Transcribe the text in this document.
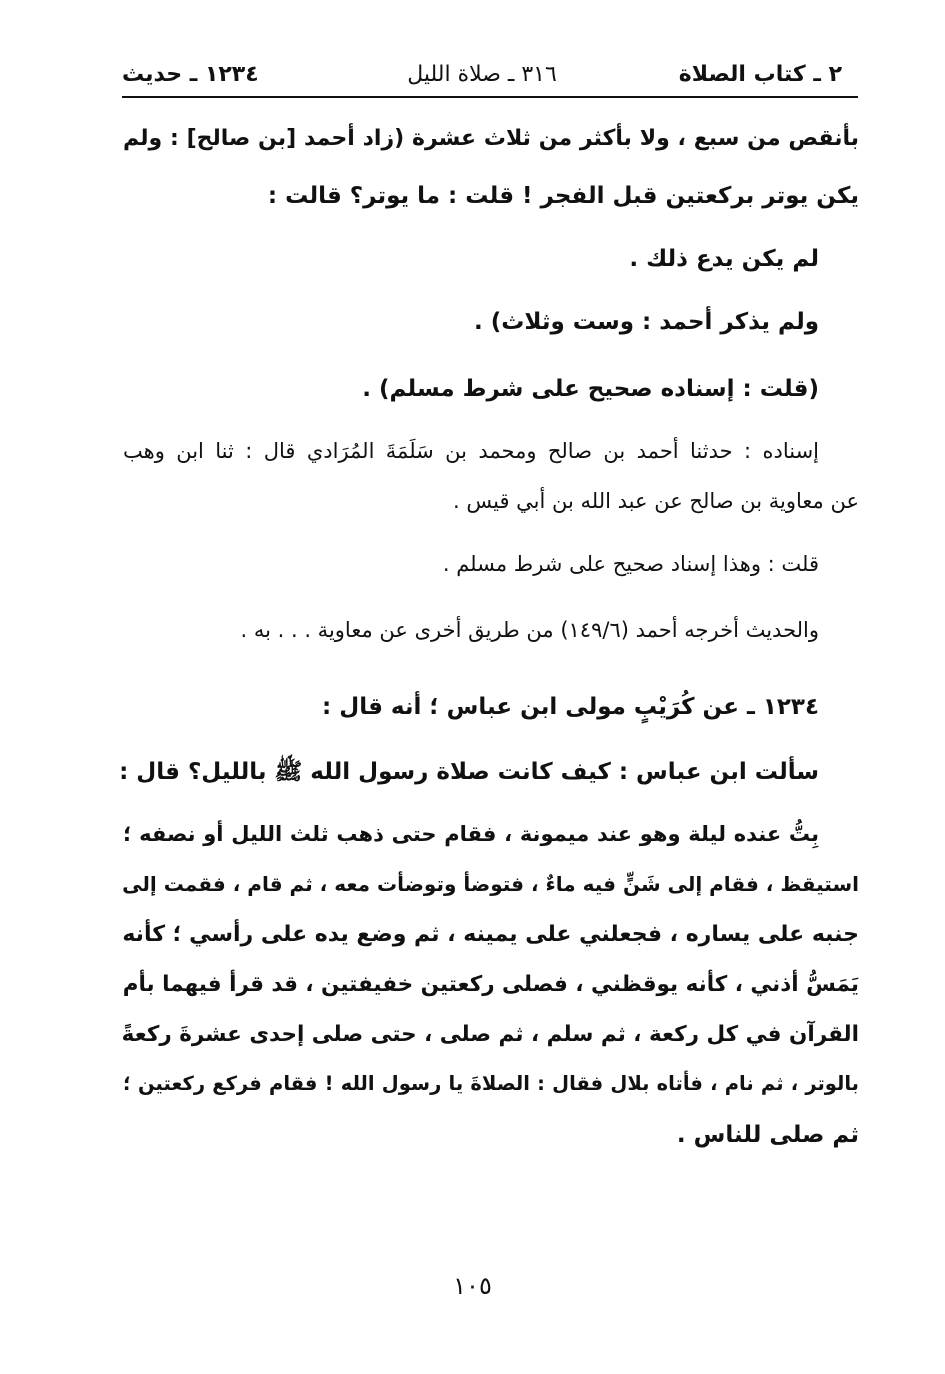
٢ ـ كتاب الصلاة
٣١٦ ـ صلاة الليل
١٢٣٤ ـ حديث
بأنقص من سبع ، ولا بأكثر من ثلاث عشرة (زاد أحمد [بن صالح] : ولم
يكن يوتر بركعتين قبل الفجر ! قلت : ما يوتر؟ قالت :
لم يكن يدع ذلك .
ولم يذكر أحمد : وست وثلاث) .
(قلت : إسناده صحيح على شرط مسلم) .
إسناده : حدثنا أحمد بن صالح ومحمد بن سَلَمَةَ المُرَادي قال : ثنا ابن وهب
عن معاوية بن صالح عن عبد الله بن أبي قيس .
قلت : وهذا إسناد صحيح على شرط مسلم .
والحديث أخرجه أحمد (١٤٩/٦) من طريق أخرى عن معاوية . . . به .
١٢٣٤ ـ عن كُرَيْبٍ مولى ابن عباس ؛ أنه قال :
سألت ابن عباس : كيف كانت صلاة رسول الله ﷺ بالليل؟ قال :
بِتُّ عنده ليلة وهو عند ميمونة ، فقام حتى ذهب ثلث الليل أو نصفه ؛
استيقظ ، فقام إلى شَنٍّ فيه ماءٌ ، فتوضأ وتوضأت معه ، ثم قام ، فقمت إلى
جنبه على يساره ، فجعلني على يمينه ، ثم وضع يده على رأسي ؛ كأنه
يَمَسُّ أذني ، كأنه يوقظني ، فصلى ركعتين خفيفتين ، قد قرأ فيهما بأم
القرآن في كل ركعة ، ثم سلم ، ثم صلى ، حتى صلى إحدى عشرةَ ركعةً
بالوتر ، ثم نام ، فأتاه بلال فقال : الصلاةَ يا رسول الله ! فقام فركع ركعتين ؛
ثم صلى للناس .
١٠٥
